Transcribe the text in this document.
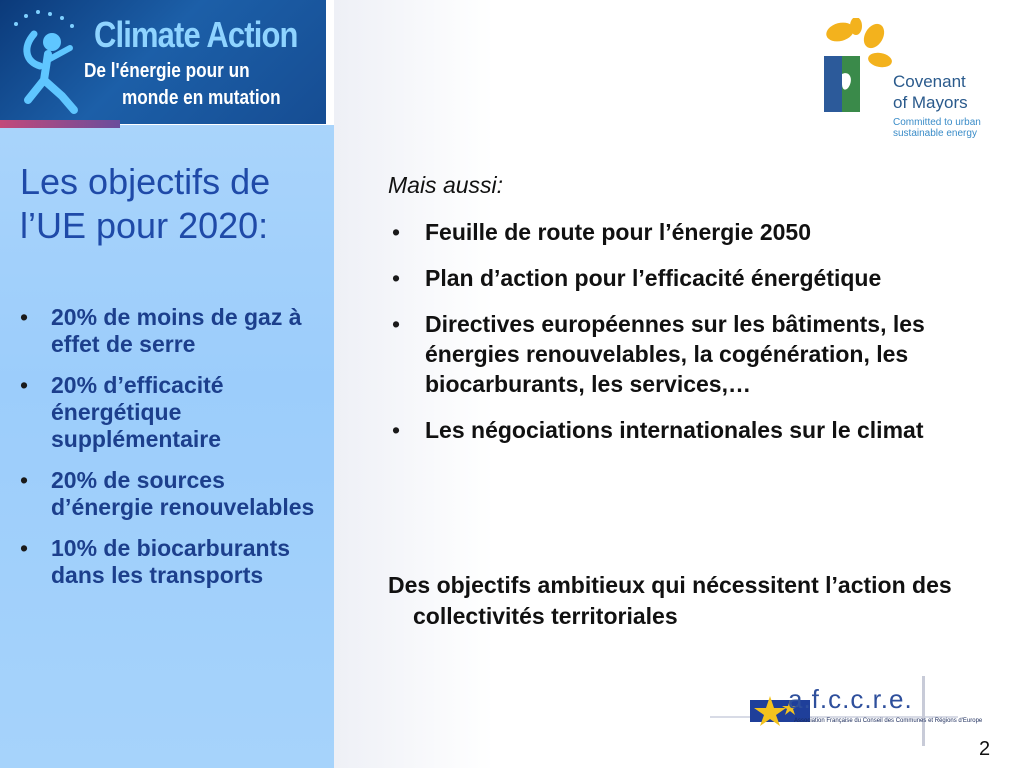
Climate Action
De l'énergie pour un
monde en mutation
Covenant
of Mayors
Committed to urban sustainable energy
Les objectifs de l’UE pour 2020:
• 20% de moins de gaz à effet de serre
• 20% d’efficacité énergétique supplémentaire
• 20% de sources d’énergie renouvelables
• 10% de biocarburants dans les transports
Mais aussi:
• Feuille de route pour l’énergie 2050
• Plan d’action pour l’efficacité énergétique
• Directives européennes sur les bâtiments, les énergies renouvelables, la cogénération, les biocarburants, les services,…
• Les négociations internationales sur le climat

Des objectifs ambitieux qui nécessitent l’action des collectivités territoriales

a.f.c.c.r.e.
Association Française du Conseil des Communes et Régions d'Europe
2
